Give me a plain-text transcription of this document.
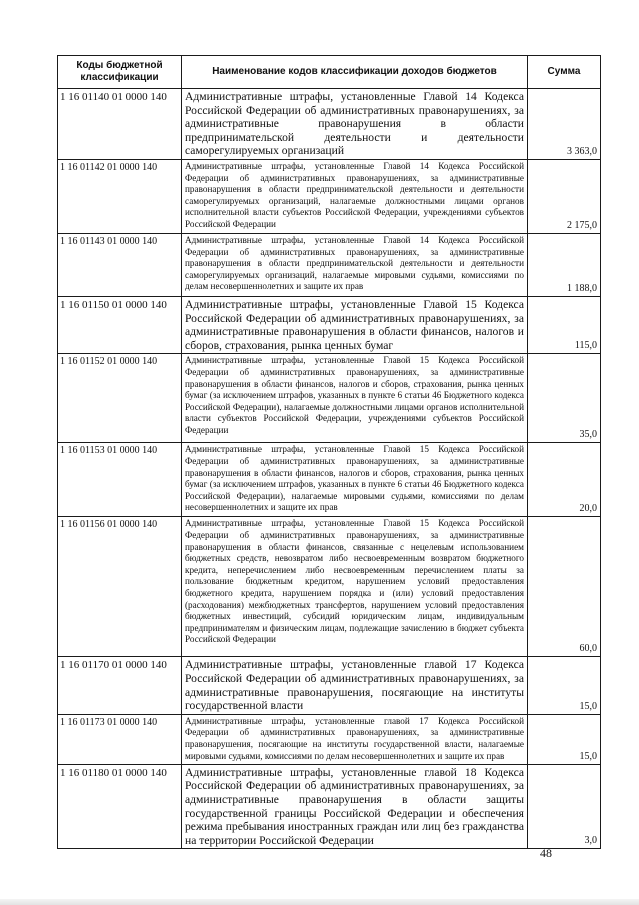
Коды бюджетной классификации	Наименование кодов классификации доходов бюджетов	Сумма
1 16 01140 01 0000 140	Административные штрафы, установленные Главой 14 Кодекса Российской Федерации об административных правонарушениях, за административные правонарушения в области предпринимательской деятельности и деятельности саморегулируемых организаций	3 363,0
1 16 01142 01 0000 140	Административные штрафы, установленные Главой 14 Кодекса Российской Федерации об административных правонарушениях, за административные правонарушения в области предпринимательской деятельности и деятельности саморегулируемых организаций, налагаемые должностными лицами органов исполнительной власти субъектов Российской Федерации, учреждениями субъектов Российской Федерации	2 175,0
1 16 01143 01 0000 140	Административные штрафы, установленные Главой 14 Кодекса Российской Федерации об административных правонарушениях, за административные правонарушения в области предпринимательской деятельности и деятельности саморегулируемых организаций, налагаемые мировыми судьями, комиссиями по делам несовершеннолетних и защите их прав	1 188,0
1 16 01150 01 0000 140	Административные штрафы, установленные Главой 15 Кодекса Российской Федерации об административных правонарушениях, за административные правонарушения в области финансов, налогов и сборов, страхования, рынка ценных бумаг	115,0
1 16 01152 01 0000 140	Административные штрафы, установленные Главой 15 Кодекса Российской Федерации об административных правонарушениях, за административные правонарушения в области финансов, налогов и сборов, страхования, рынка ценных бумаг (за исключением штрафов, указанных в пункте 6 статьи 46 Бюджетного кодекса Российской Федерации), налагаемые должностными лицами органов исполнительной власти субъектов Российской Федерации, учреждениями субъектов Российской Федерации	35,0
1 16 01153 01 0000 140	Административные штрафы, установленные Главой 15 Кодекса Российской Федерации об административных правонарушениях, за административные правонарушения в области финансов, налогов и сборов, страхования, рынка ценных бумаг (за исключением штрафов, указанных в пункте 6 статьи 46 Бюджетного кодекса Российской Федерации), налагаемые мировыми судьями, комиссиями по делам несовершеннолетних и защите их прав	20,0
1 16 01156 01 0000 140	Административные штрафы, установленные Главой 15 Кодекса Российской Федерации об административных правонарушениях, за административные правонарушения в области финансов, связанные с нецелевым использованием бюджетных средств, невозвратом либо несвоевременным возвратом бюджетного кредита, неперечислением либо несвоевременным перечислением платы за пользование бюджетным кредитом, нарушением условий предоставления бюджетного кредита, нарушением порядка и (или) условий предоставления (расходования) межбюджетных трансфертов, нарушением условий предоставления бюджетных инвестиций, субсидий юридическим лицам, индивидуальным предпринимателям и физическим лицам, подлежащие зачислению в бюджет субъекта Российской Федерации	60,0
1 16 01170 01 0000 140	Административные штрафы, установленные главой 17 Кодекса Российской Федерации об административных правонарушениях, за административные правонарушения, посягающие на институты государственной власти	15,0
1 16 01173 01 0000 140	Административные штрафы, установленные главой 17 Кодекса Российской Федерации об административных правонарушениях, за административные правонарушения, посягающие на институты государственной власти, налагаемые мировыми судьями, комиссиями по делам несовершеннолетних и защите их прав	15,0
1 16 01180 01 0000 140	Административные штрафы, установленные главой 18 Кодекса Российской Федерации об административных правонарушениях, за административные правонарушения в области защиты государственной границы Российской Федерации и обеспечения режима пребывания иностранных граждан или лиц без гражданства на территории Российской Федерации	3,0
48
